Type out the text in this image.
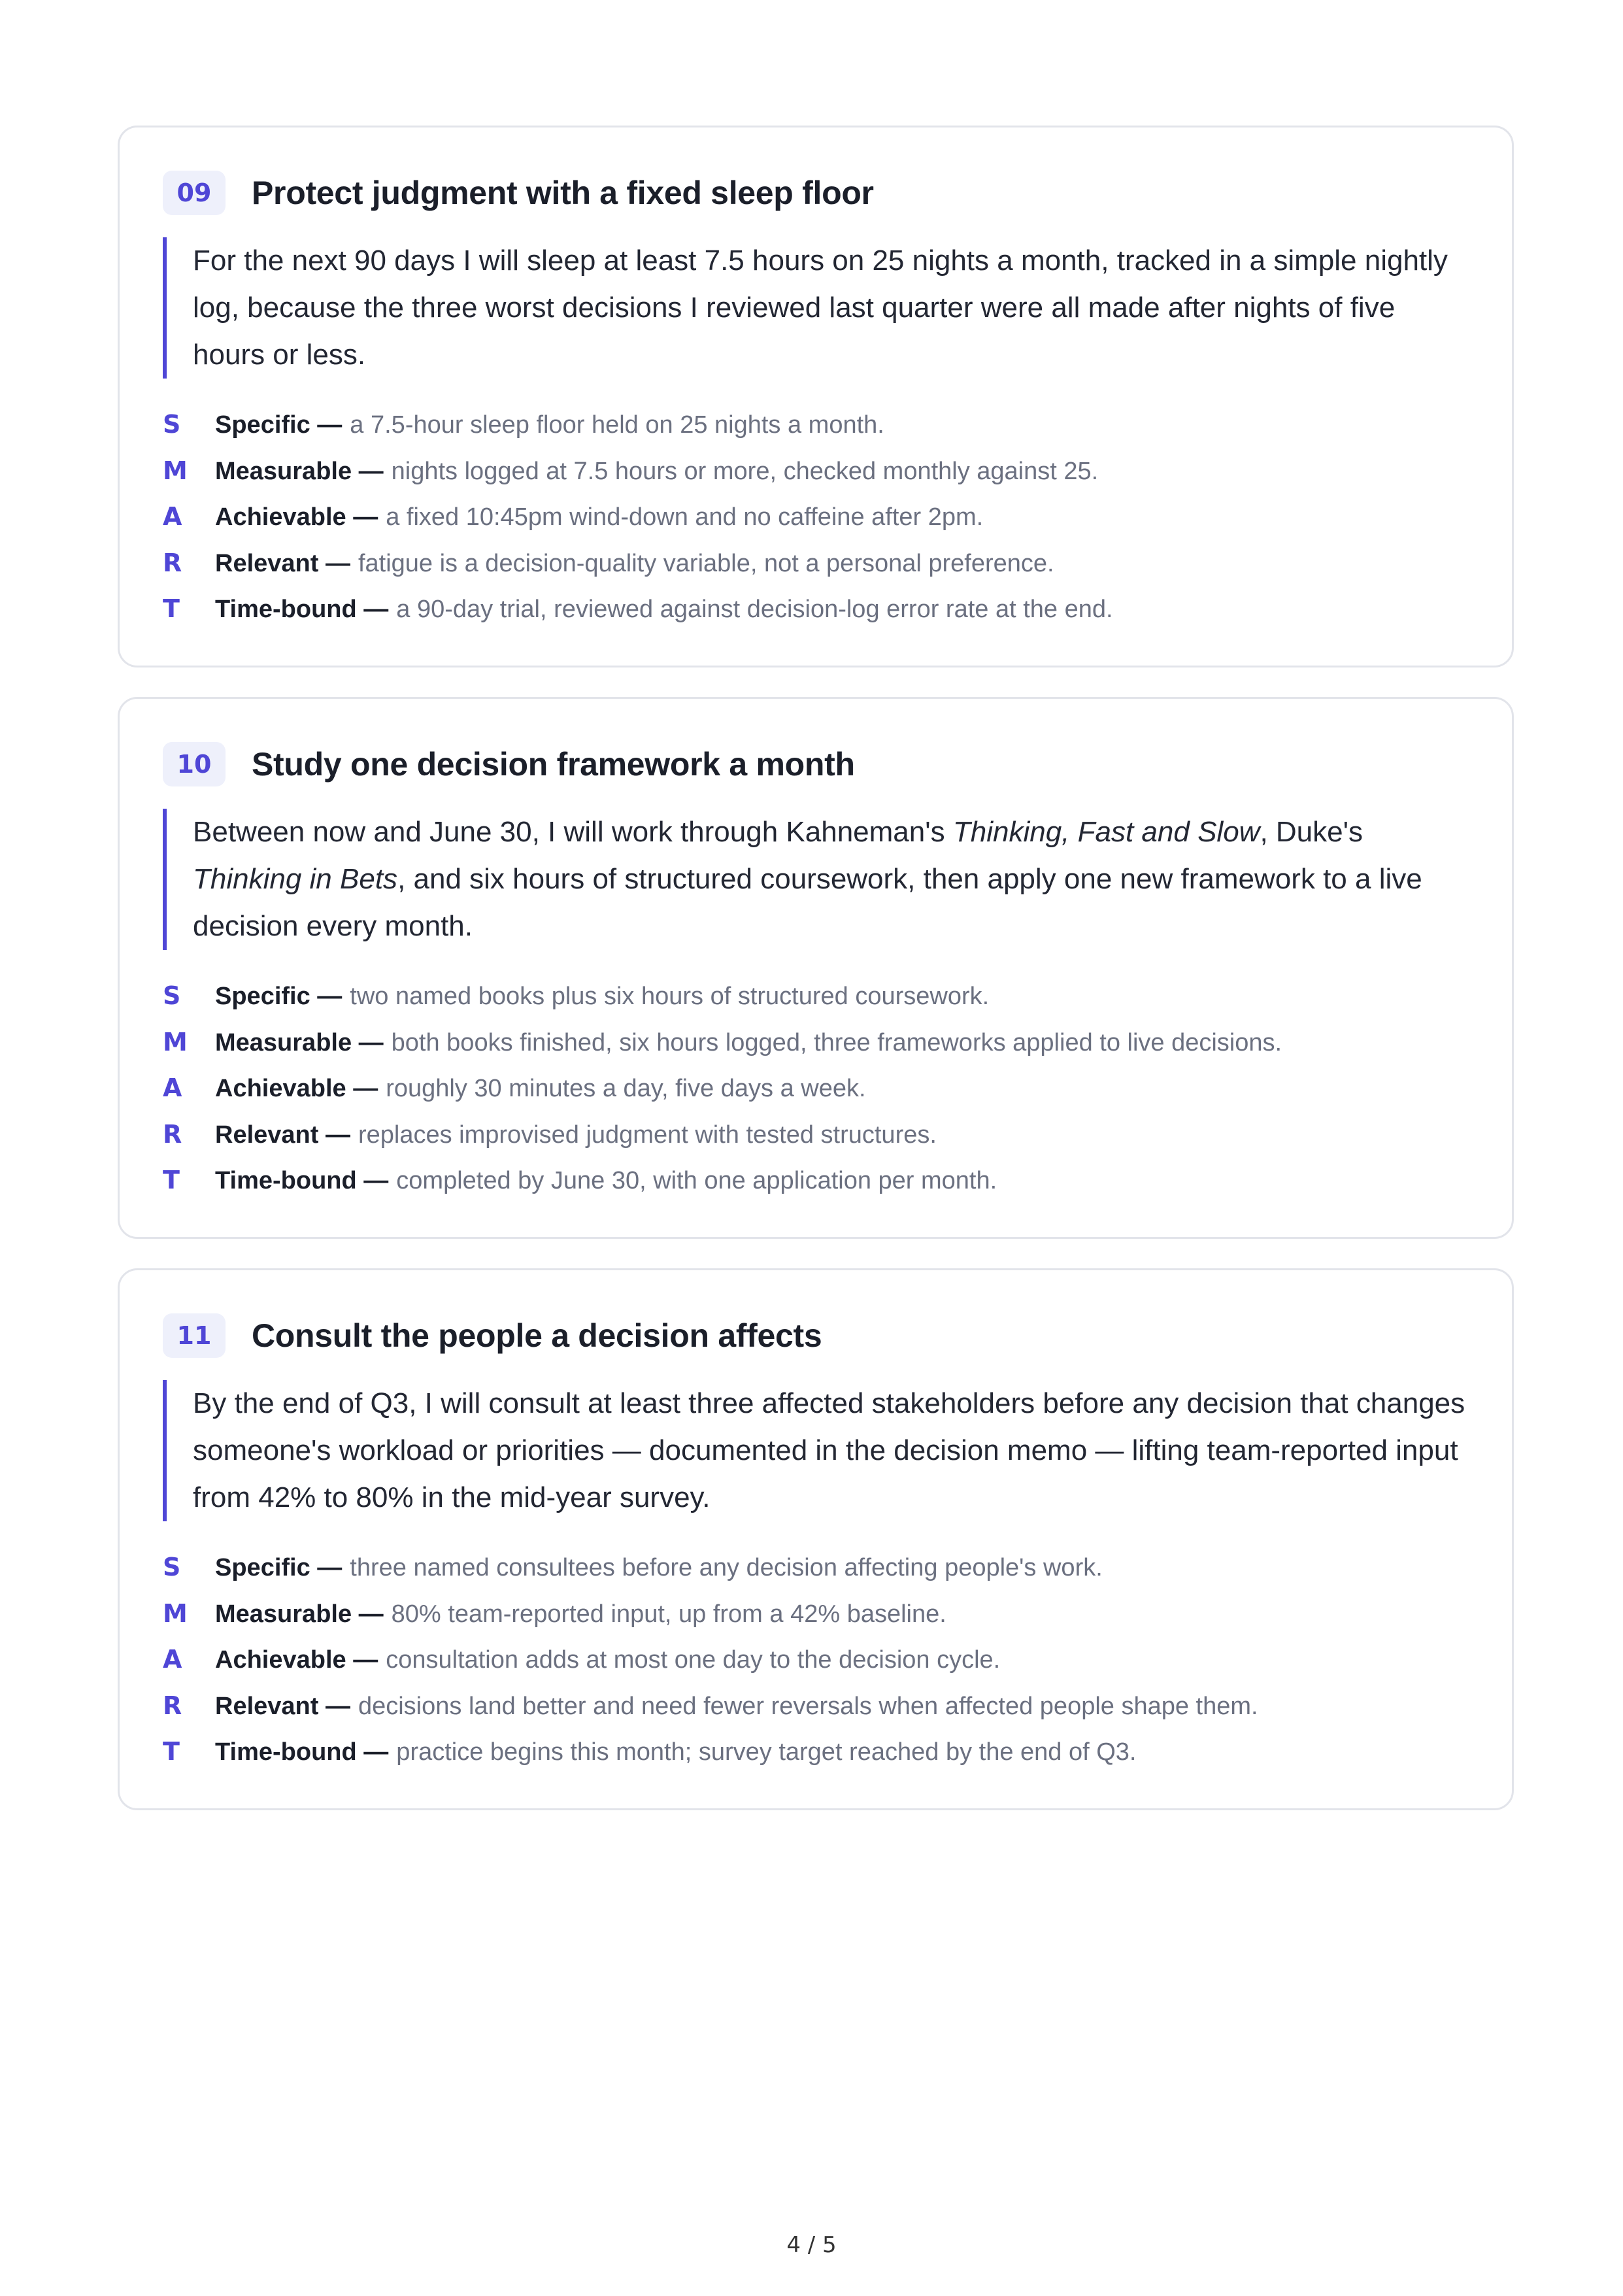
09	Protect judgment with a fixed sleep floor
For the next 90 days I will sleep at least 7.5 hours on 25 nights a month, tracked in a simple nightly log, because the three worst decisions I reviewed last quarter were all made after nights of five hours or less.
S	Specific — a 7.5-hour sleep floor held on 25 nights a month.
M	Measurable — nights logged at 7.5 hours or more, checked monthly against 25.
A	Achievable — a fixed 10:45pm wind-down and no caffeine after 2pm.
R	Relevant — fatigue is a decision-quality variable, not a personal preference.
T	Time-bound — a 90-day trial, reviewed against decision-log error rate at the end.
10	Study one decision framework a month
Between now and June 30, I will work through Kahneman's Thinking, Fast and Slow, Duke's Thinking in Bets, and six hours of structured coursework, then apply one new framework to a live decision every month.
S	Specific — two named books plus six hours of structured coursework.
M	Measurable — both books finished, six hours logged, three frameworks applied to live decisions.
A	Achievable — roughly 30 minutes a day, five days a week.
R	Relevant — replaces improvised judgment with tested structures.
T	Time-bound — completed by June 30, with one application per month.
11	Consult the people a decision affects
By the end of Q3, I will consult at least three affected stakeholders before any decision that changes someone's workload or priorities — documented in the decision memo — lifting team-reported input from 42% to 80% in the mid-year survey.
S	Specific — three named consultees before any decision affecting people's work.
M	Measurable — 80% team-reported input, up from a 42% baseline.
A	Achievable — consultation adds at most one day to the decision cycle.
R	Relevant — decisions land better and need fewer reversals when affected people shape them.
T	Time-bound — practice begins this month; survey target reached by the end of Q3.
4 / 5
